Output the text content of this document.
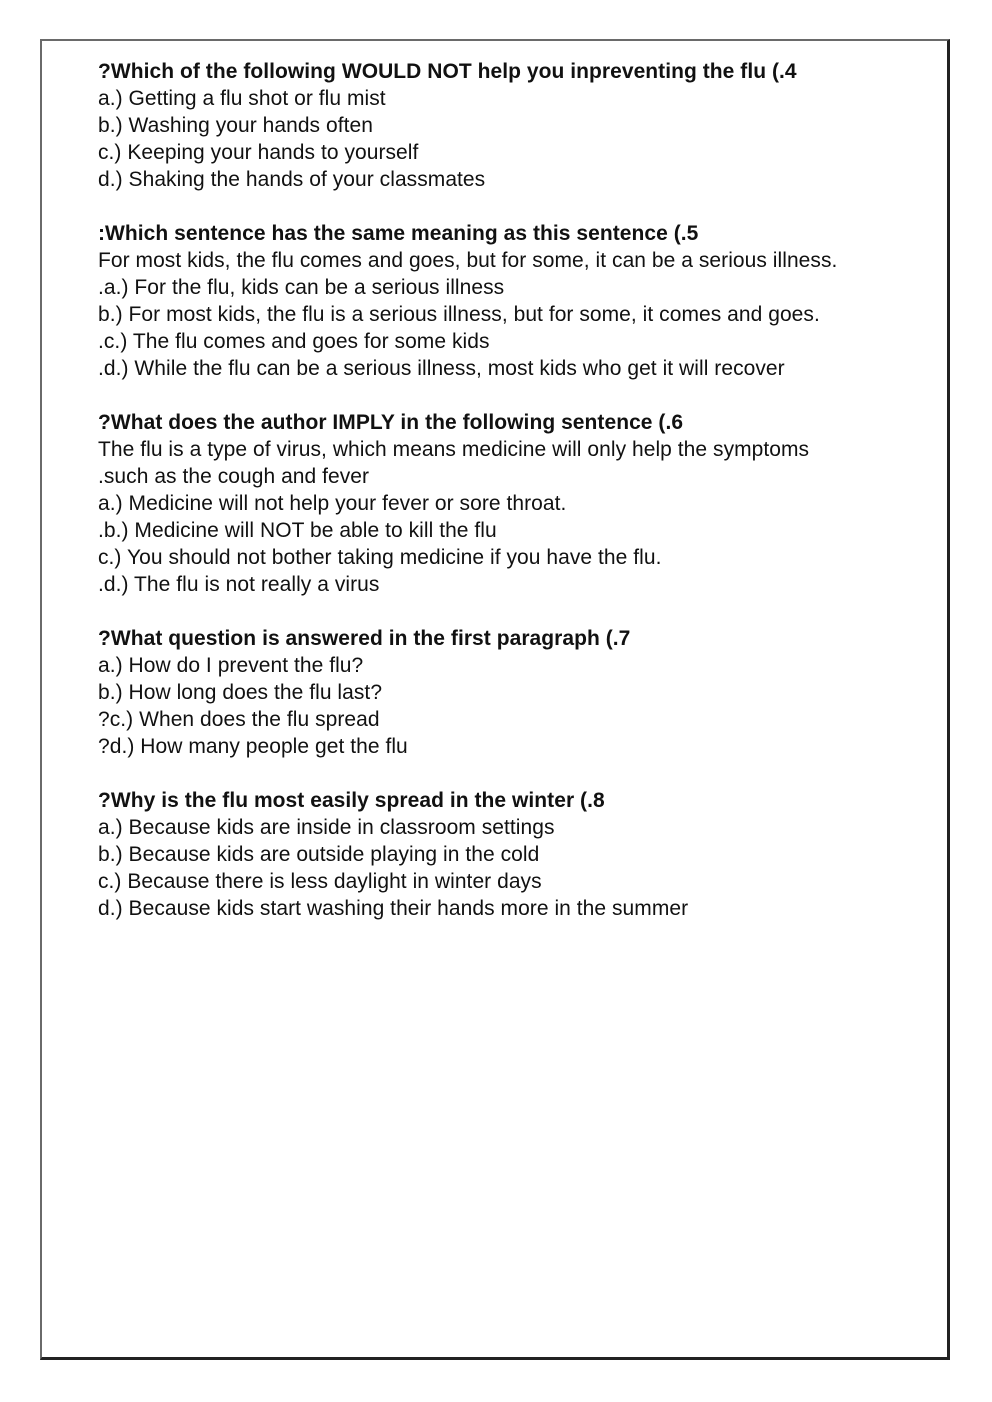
?Which of the following WOULD NOT help you inpreventing the flu (.4
a.) Getting a flu shot or flu mist
b.) Washing your hands often
c.) Keeping your hands to yourself
d.) Shaking the hands of your classmates
:Which sentence has the same meaning as this sentence (.5
For most kids, the flu comes and goes, but for some, it can be a serious illness.
.a.) For the flu, kids can be a serious illness
b.) For most kids, the flu is a serious illness, but for some, it comes and goes.
.c.) The flu comes and goes for some kids
.d.) While the flu can be a serious illness, most kids who get it will recover
?What does the author IMPLY in the following sentence (.6
The flu is a type of virus, which means medicine will only help the symptoms
.such as the cough and fever
a.) Medicine will not help your fever or sore throat.
.b.) Medicine will NOT be able to kill the flu
c.) You should not bother taking medicine if you have the flu.
.d.) The flu is not really a virus
?What question is answered in the first paragraph (.7
a.) How do I prevent the flu?
b.) How long does the flu last?
?c.) When does the flu spread
?d.) How many people get the flu
?Why is the flu most easily spread in the winter (.8
a.) Because kids are inside in classroom settings
b.) Because kids are outside playing in the cold
c.) Because there is less daylight in winter days
d.) Because kids start washing their hands more in the summer
